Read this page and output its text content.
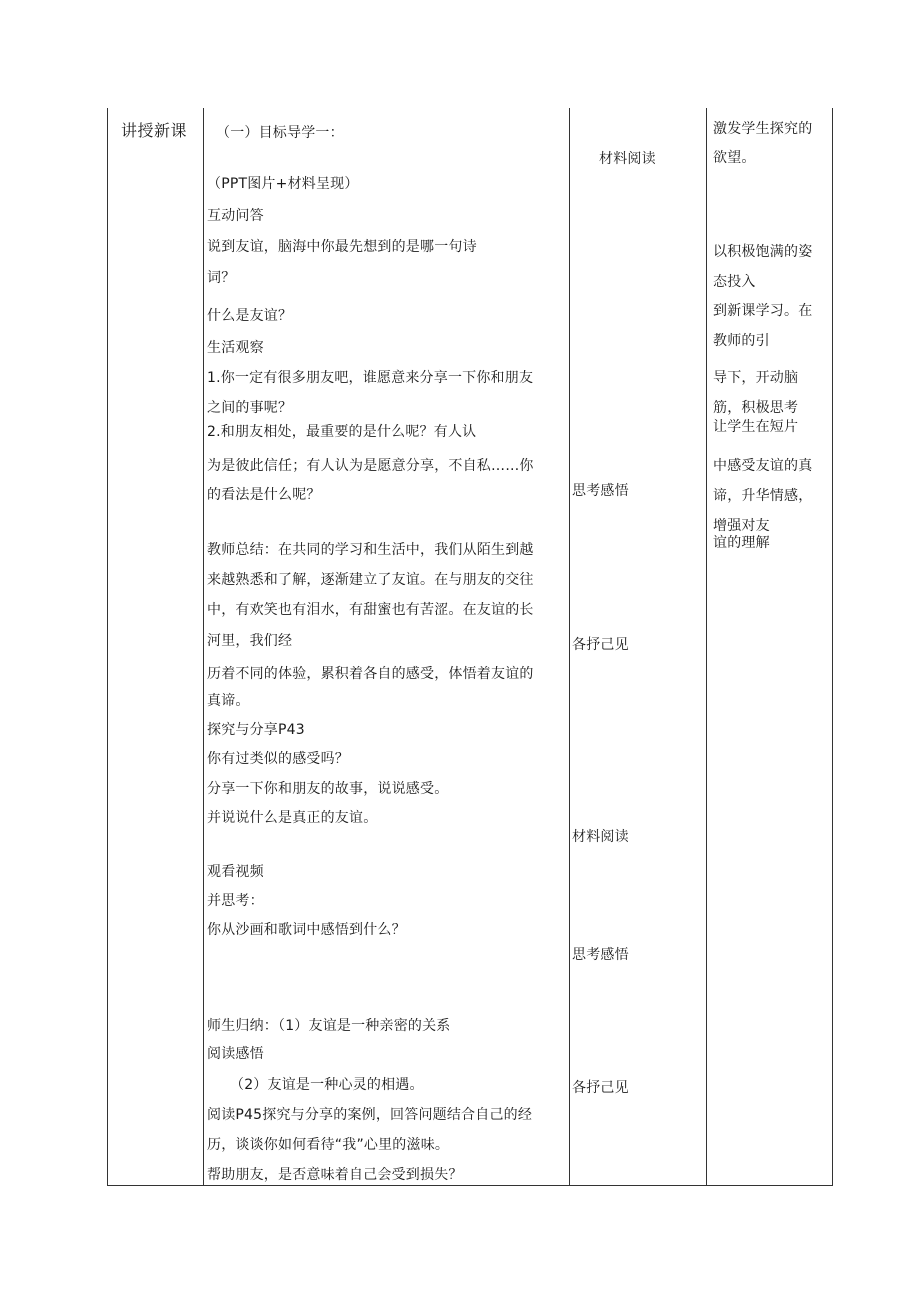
讲授新课 （一）目标导学一：
（PPT图片+材料呈现）
互动问答
说到友谊，脑海中你最先想到的是哪一句诗
词？
什么是友谊？
生活观察
1.你一定有很多朋友吧，谁愿意来分享一下你和朋友
之间的事呢？
2.和朋友相处，最重要的是什么呢？有人认
为是彼此信任；有人认为是愿意分享，不自私……你
的看法是什么呢？
教师总结：在共同的学习和生活中，我们从陌生到越
来越熟悉和了解，逐渐建立了友谊。在与朋友的交往
中，有欢笑也有泪水，有甜蜜也有苦涩。在友谊的长
河里，我们经
历着不同的体验，累积着各自的感受，体悟着友谊的
真谛。
探究与分享P43
你有过类似的感受吗？
分享一下你和朋友的故事，说说感受。
并说说什么是真正的友谊。
观看视频
并思考：
你从沙画和歌词中感悟到什么？
师生归纳：（1）友谊是一种亲密的关系
阅读感悟
（2）友谊是一种心灵的相遇。
阅读P45探究与分享的案例，回答问题结合自己的经
历，谈谈你如何看待“我”心里的滋味。
帮助朋友，是否意味着自己会受到损失？
材料阅读
思考感悟
各抒己见
材料阅读
思考感悟
各抒己见
激发学生探究的
欲望。
以积极饱满的姿
态投入
到新课学习。在
教师的引
导下，开动脑
筋，积极思考
让学生在短片
中感受友谊的真
谛，升华情感，
增强对友
谊的理解
